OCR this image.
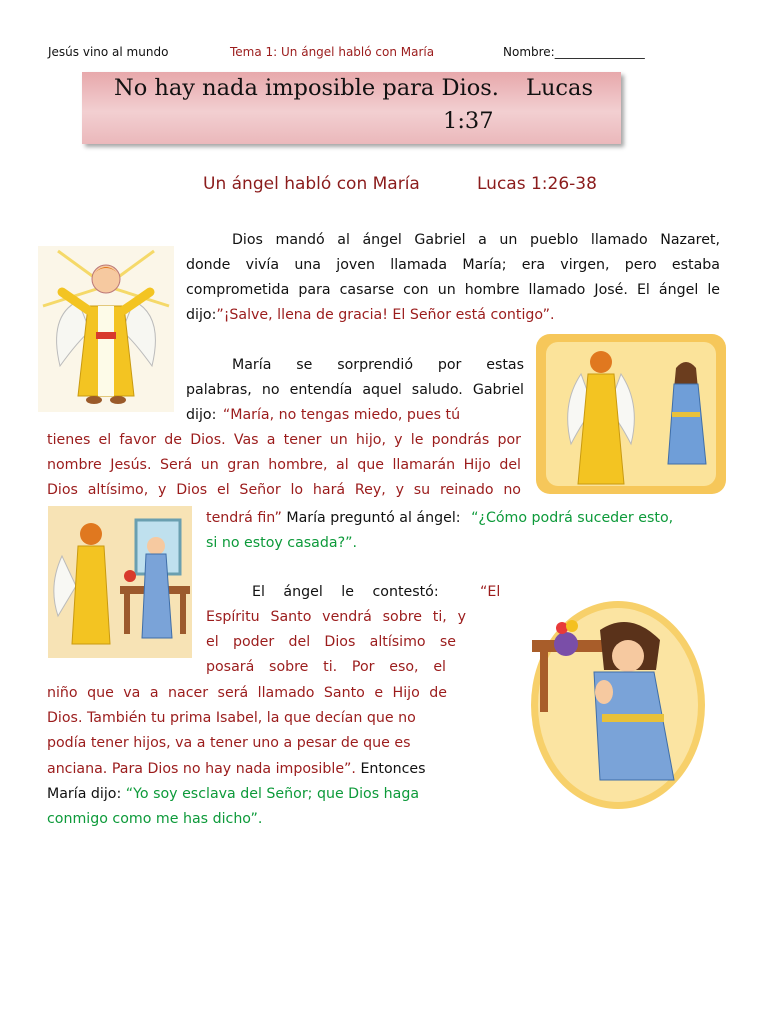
Jesús vino al mundo	Tema 1: Un ángel habló con María	Nombre:_______________
No hay nada imposible para Dios. Lucas
1:37
Un ángel habló con María	Lucas 1:26-38
Dios mandó al ángel Gabriel a un pueblo llamado Nazaret,
donde vivía una joven llamada María; era virgen, pero estaba
comprometida para casarse con un hombre llamado José. El ángel le
dijo:”¡Salve, llena de gracia! El Señor está contigo”.
María se sorprendió por estas
palabras, no entendía aquel saludo. Gabriel
dijo: “María, no tengas miedo, pues tú
tienes el favor de Dios. Vas a tener un hijo, y le pondrás por
nombre Jesús. Será un gran hombre, al que llamarán Hijo del
Dios altísimo, y Dios el Señor lo hará Rey, y su reinado no
tendrá fin” María preguntó al ángel: “¿Cómo podrá suceder esto,
si no estoy casada?”.
El ángel le contestó:	“El
Espíritu Santo vendrá sobre ti, y
el poder del Dios altísimo se
posará sobre ti. Por eso, el
niño que va a nacer será llamado Santo e Hijo de
Dios. También tu prima Isabel, la que decían que no
podía tener hijos, va a tener uno a pesar de que es
anciana. Para Dios no hay nada imposible”. Entonces
María dijo: “Yo soy esclava del Señor; que Dios haga
conmigo como me has dicho”.
